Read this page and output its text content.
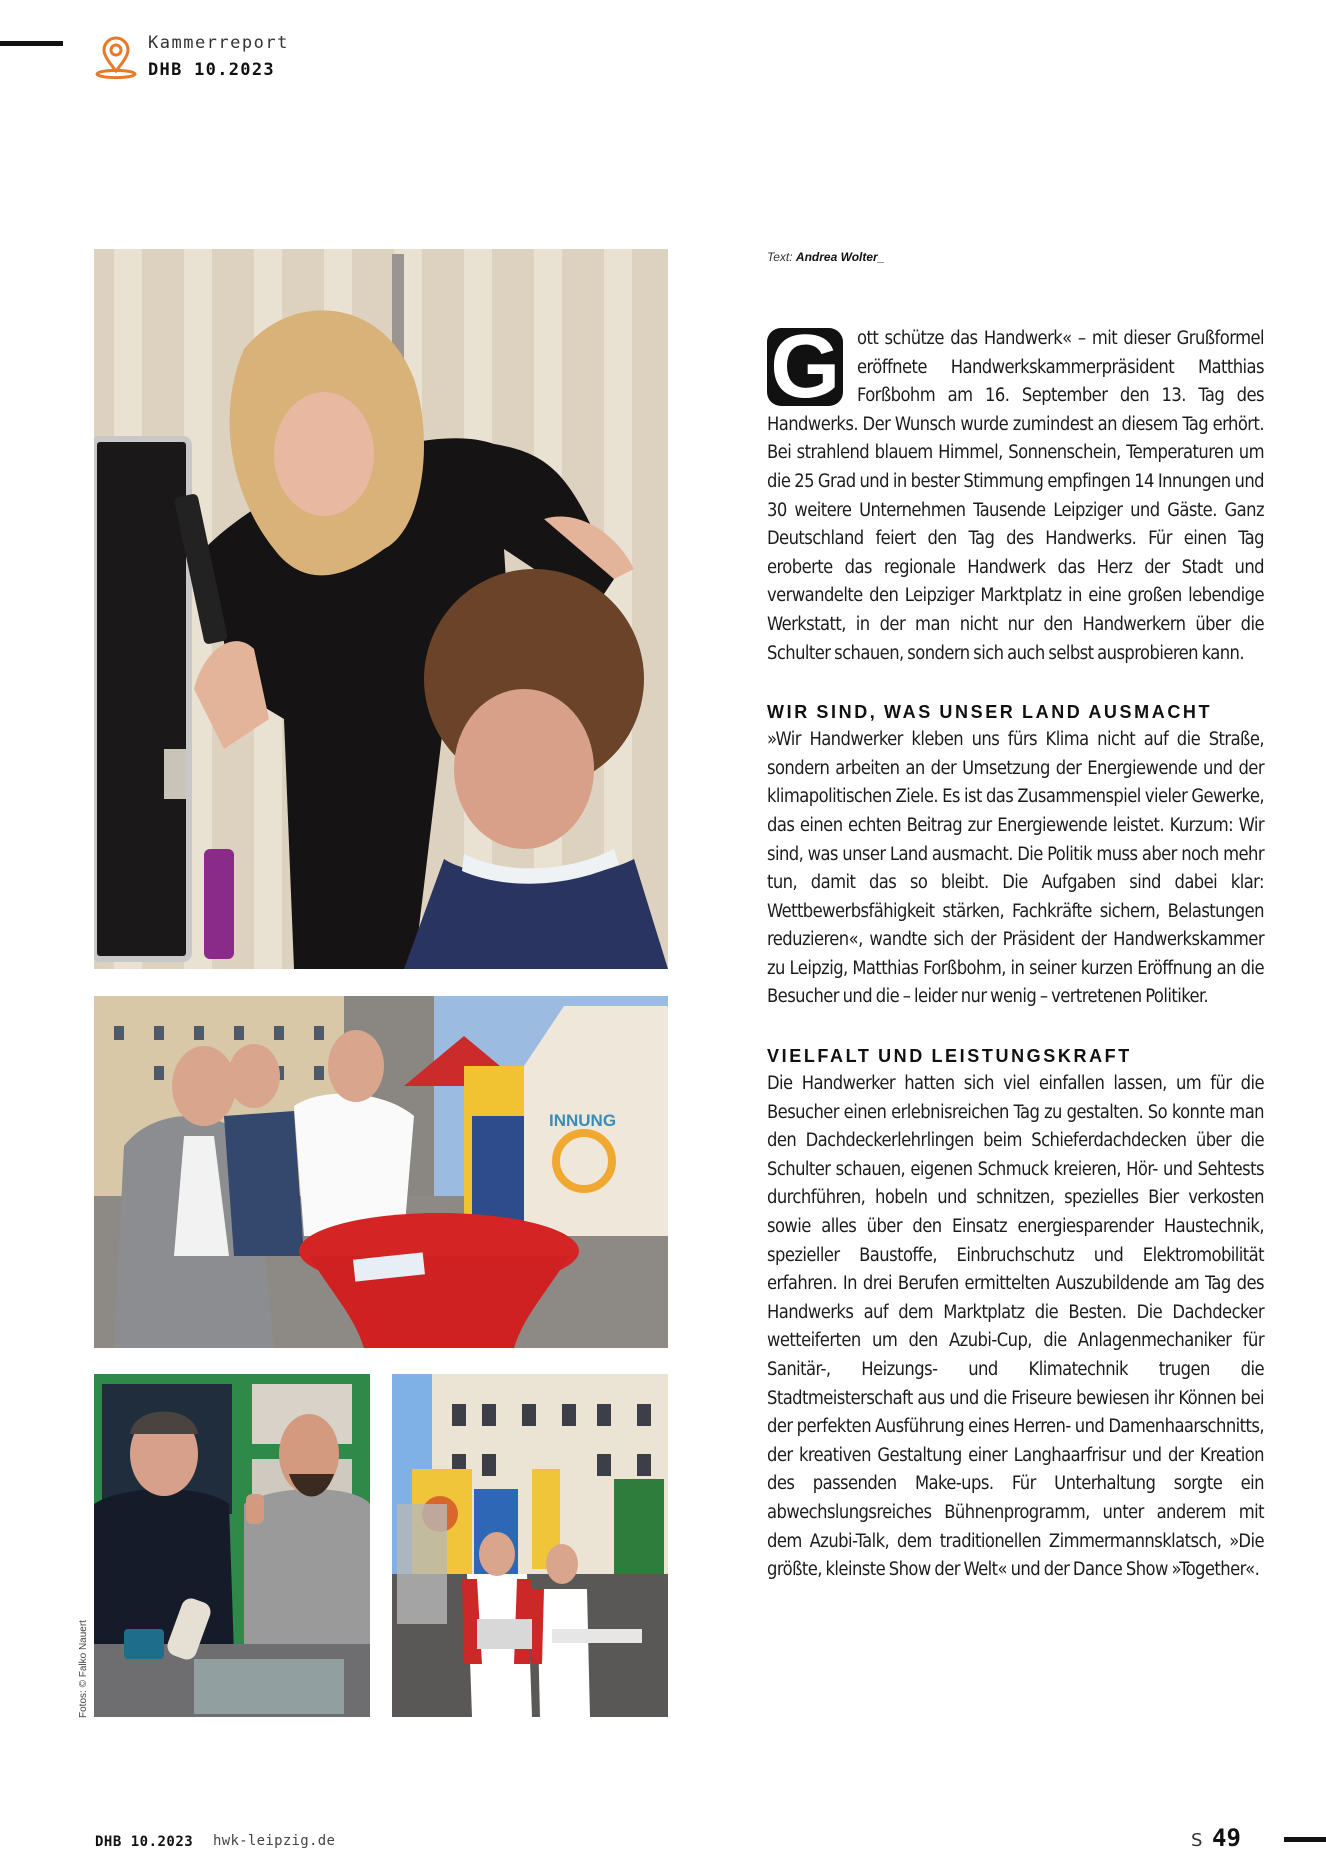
Kammerreport
DHB 10.2023
INNUNG
Fotos: © Falko Nauert
Text: Andrea Wolter_

G ott schütze das Handwerk« – mit dieser Grußformel eröffnete Handwerkskammerpräsident Matthias Forßbohm am 16. September den 13. Tag des Handwerks. Der Wunsch wurde zumindest an diesem Tag erhört. Bei strahlend blauem Himmel, Sonnenschein, Temperaturen um die 25 Grad und in bester Stimmung empfingen 14 Innungen und 30 weitere Unternehmen Tausende Leipziger und Gäste. Ganz Deutschland feiert den Tag des Handwerks. Für einen Tag eroberte das regionale Handwerk das Herz der Stadt und verwandelte den Leipziger Marktplatz in eine großen lebendige Werkstatt, in der man nicht nur den Handwerkern über die Schulter schauen, sondern sich auch selbst ausprobieren kann.

WIR SIND, WAS UNSER LAND AUSMACHT

»Wir Handwerker kleben uns fürs Klima nicht auf die Straße, sondern arbeiten an der Umsetzung der Energiewende und der klimapolitischen Ziele. Es ist das Zusammenspiel vieler Gewerke, das einen echten Beitrag zur Energiewende leistet. Kurzum: Wir sind, was unser Land ausmacht. Die Politik muss aber noch mehr tun, damit das so bleibt. Die Aufgaben sind dabei klar: Wettbewerbsfähigkeit stärken, Fachkräfte sichern, Belastungen reduzieren«, wandte sich der Präsident der Handwerkskammer zu Leipzig, Matthias Forßbohm, in seiner kurzen Eröffnung an die Besucher und die – leider nur wenig – vertretenen Politiker.

VIELFALT UND LEISTUNGSKRAFT

Die Handwerker hatten sich viel einfallen lassen, um für die Besucher einen erlebnisreichen Tag zu gestalten. So konnte man den Dachdeckerlehrlingen beim Schieferdachdecken über die Schulter schauen, eigenen Schmuck kreieren, Hör- und Sehtests durchführen, hobeln und schnitzen, spezielles Bier verkosten sowie alles über den Einsatz energiesparender Haustechnik, spezieller Baustoffe, Einbruchschutz und Elektromobilität erfahren. In drei Berufen ermittelten Auszubildende am Tag des Handwerks auf dem Marktplatz die Besten. Die Dachdecker wetteiferten um den Azubi-Cup, die Anlagenmechaniker für Sanitär-, Heizungs- und Klimatechnik trugen die Stadtmeisterschaft aus und die Friseure bewiesen ihr Können bei der perfekten Ausführung eines Herren- und Damenhaarschnitts, der kreativen Gestaltung einer Langhaarfrisur und der Kreation des passenden Make-ups. Für Unterhaltung sorgte ein abwechslungsreiches Bühnenprogramm, unter anderem mit dem Azubi-Talk, dem traditionellen Zimmermannsklatsch, »Die größte, kleinste Show der Welt« und der Dance Show »Together«.

DHB 10.2023 hwk-leipzig.de	S 49
